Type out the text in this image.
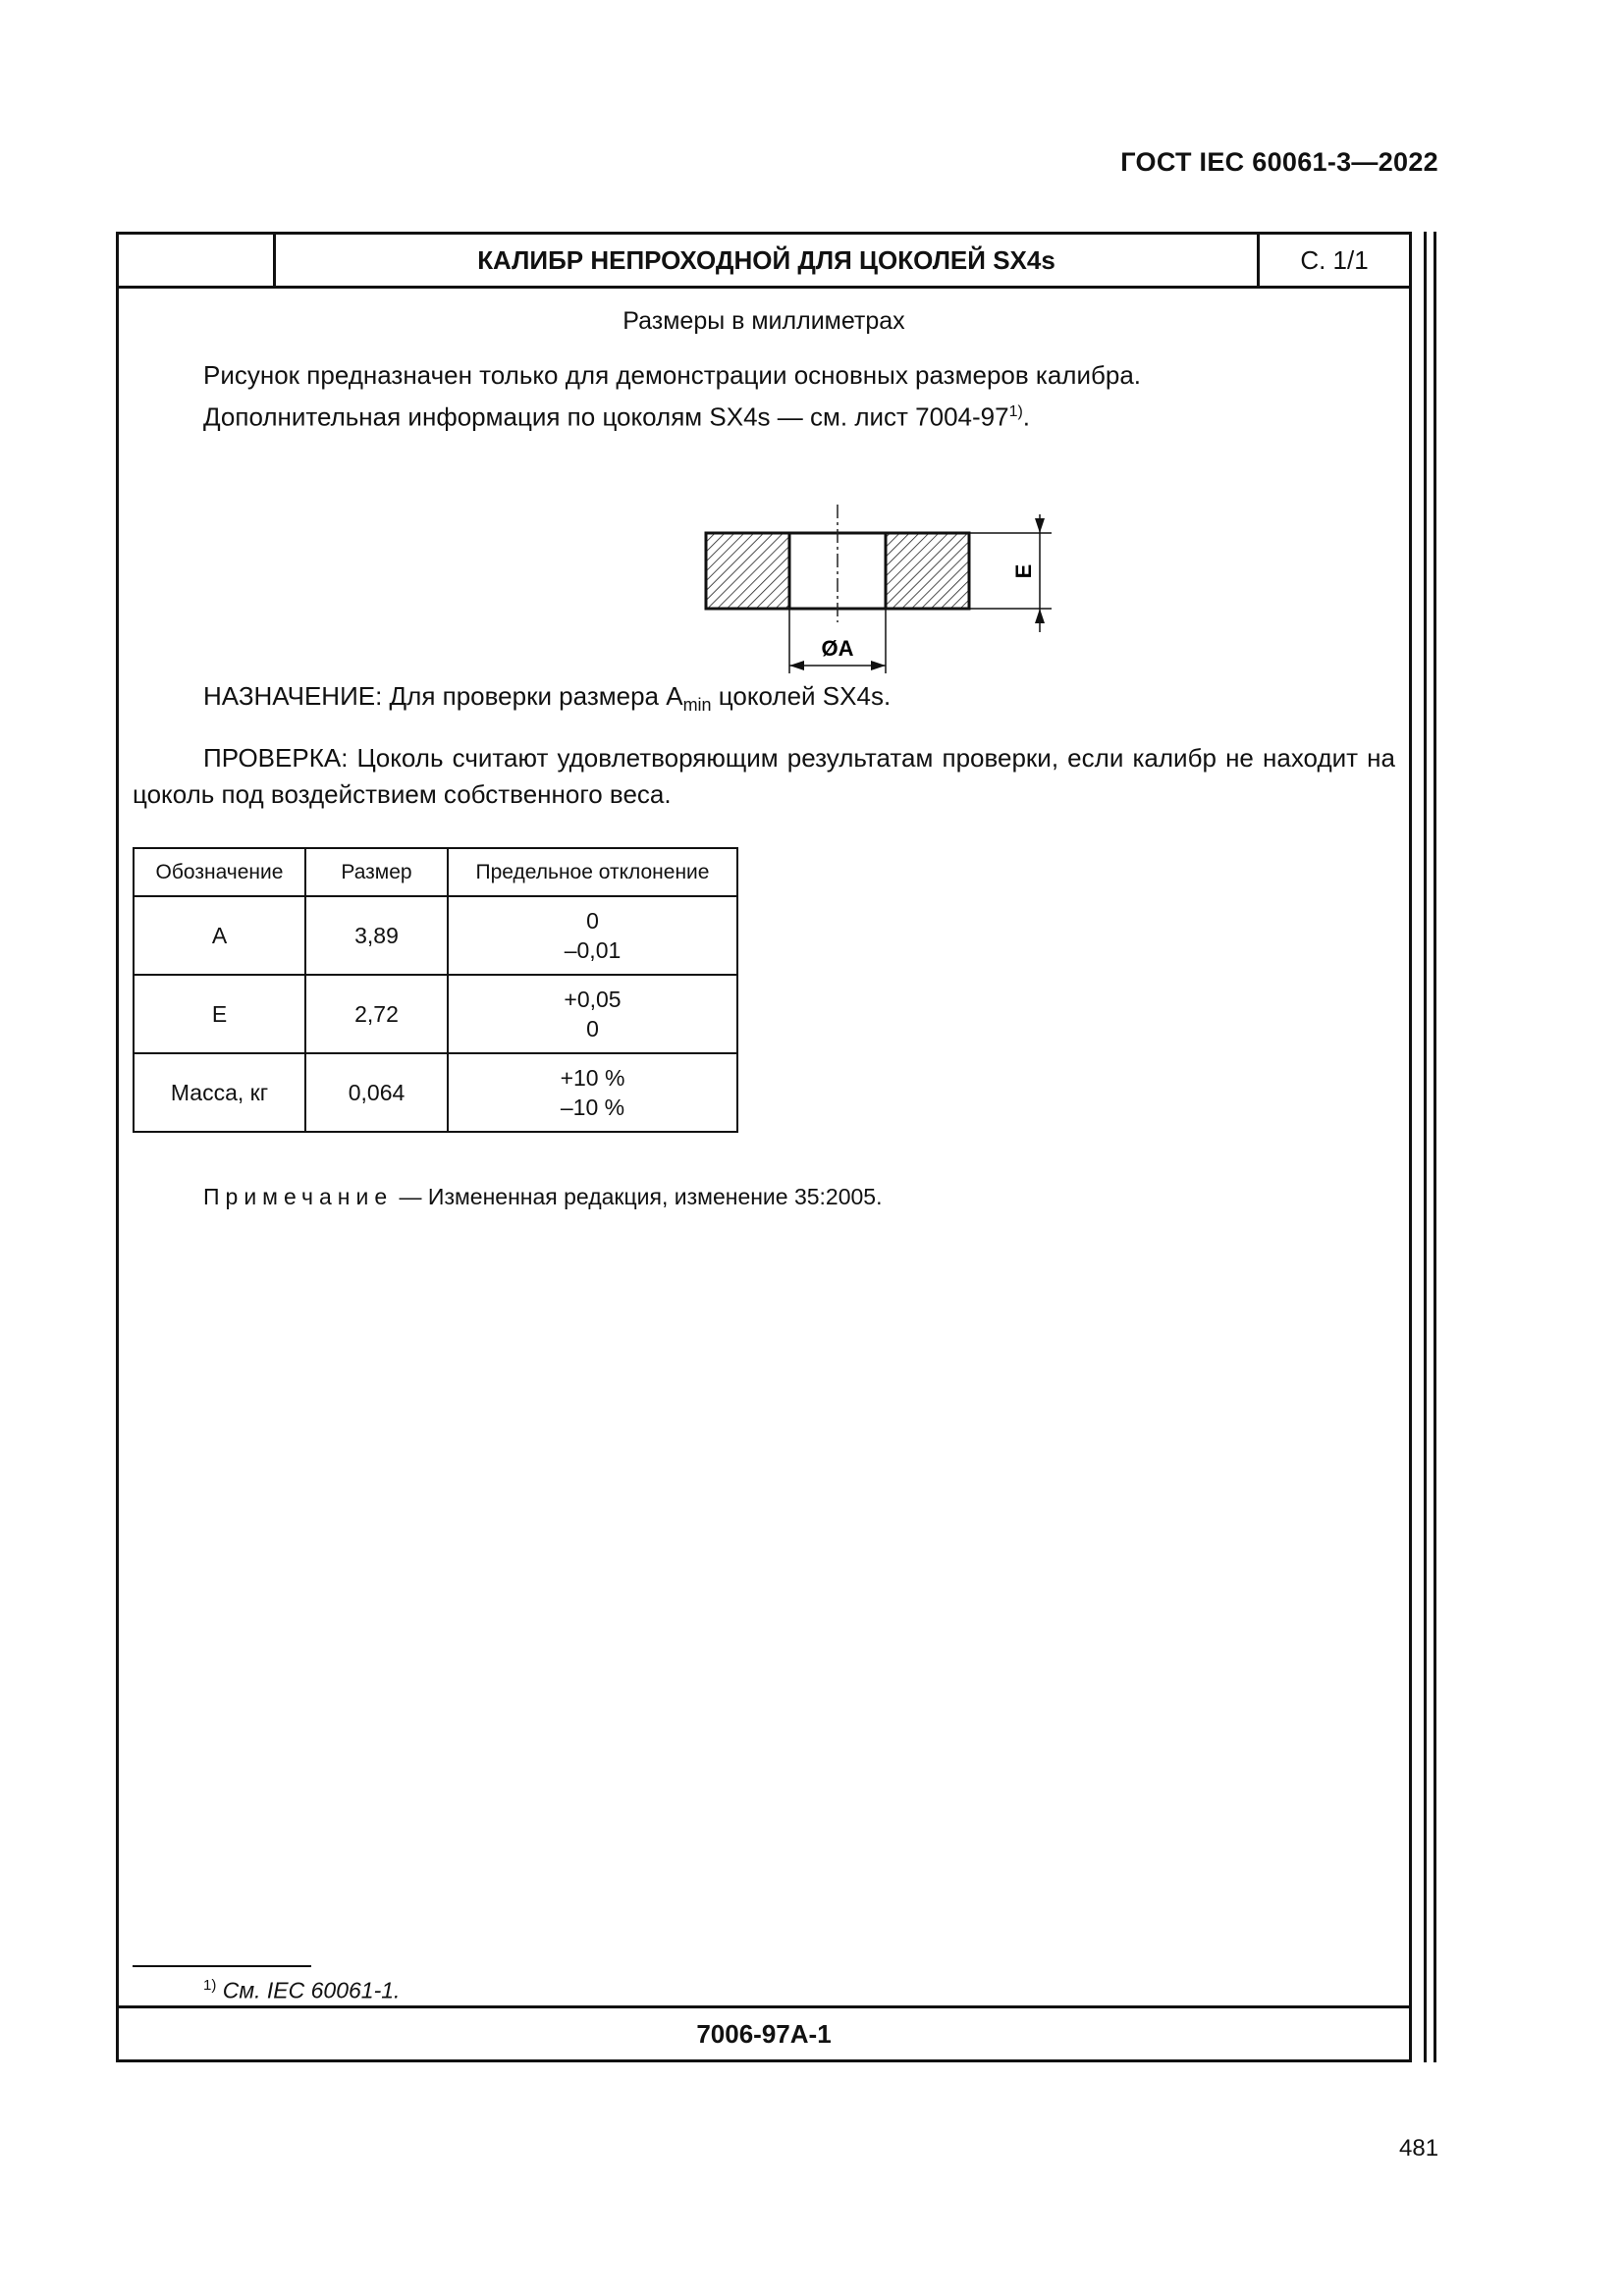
ГОСТ IEC 60061-3—2022
КАЛИБР НЕПРОХОДНОЙ ДЛЯ ЦОКОЛЕЙ SX4s	С. 1/1
Размеры в миллиметрах
Рисунок предназначен только для демонстрации основных размеров калибра.
Дополнительная информация по цоколям SX4s — см. лист 7004-97$^{1)}$.
E
ØA
НАЗНАЧЕНИЕ: Для проверки размера $A_{min}$ цоколей SX4s.
ПРОВЕРКА: Цоколь считают удовлетворяющим результатам проверки, если калибр не находит на цоколь под воздействием собственного веса.
Обозначение	Размер	Предельное отклонение
A	3,89	0
–0,01

E	2,72	+0,05
0

Масса, кг	0,064	+10 %
–10 %
Примечание — Измененная редакция, изменение 35:2005.
$^{1)}$ См. IEC 60061-1.
7006-97A-1
481
